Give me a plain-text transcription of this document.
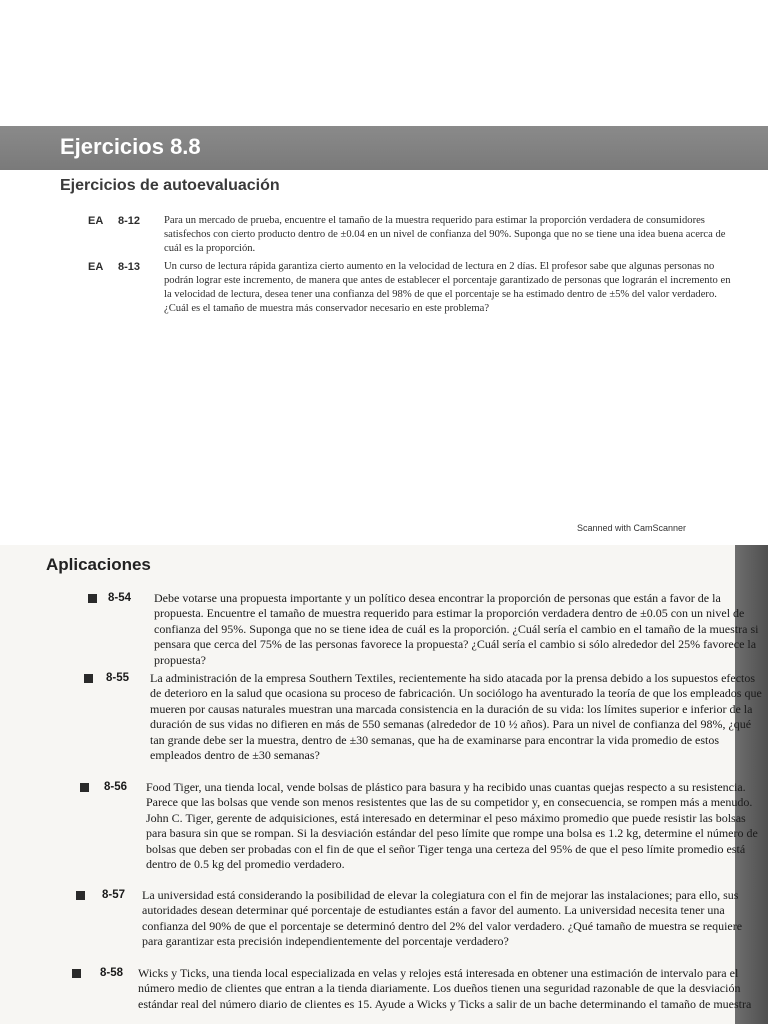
Ejercicios 8.8
Ejercicios de autoevaluación
EA 8-12 Para un mercado de prueba, encuentre el tamaño de la muestra requerido para estimar la proporción verdadera de consumidores satisfechos con cierto producto dentro de ±0.04 en un nivel de confianza del 90%. Suponga que no se tiene una idea buena acerca de cuál es la proporción.
EA 8-13 Un curso de lectura rápida garantiza cierto aumento en la velocidad de lectura en 2 días. El profesor sabe que algunas personas no podrán lograr este incremento, de manera que antes de establecer el porcentaje garantizado de personas que lograrán el incremento en la velocidad de lectura, desea tener una confianza del 98% de que el porcentaje se ha estimado dentro de ±5% del valor verdadero. ¿Cuál es el tamaño de muestra más conservador necesario en este problema?
Scanned with CamScanner
Aplicaciones
8-54 Debe votarse una propuesta importante y un político desea encontrar la proporción de personas que están a favor de la propuesta. Encuentre el tamaño de muestra requerido para estimar la proporción verdadera dentro de ±0.05 con un nivel de confianza del 95%. Suponga que no se tiene idea de cuál es la proporción. ¿Cuál sería el cambio en el tamaño de la muestra si pensara que cerca del 75% de las personas favorece la propuesta? ¿Cuál sería el cambio si sólo alrededor del 25% favorece la propuesta?
8-55 La administración de la empresa Southern Textiles, recientemente ha sido atacada por la prensa debido a los supuestos efectos de deterioro en la salud que ocasiona su proceso de fabricación. Un sociólogo ha aventurado la teoría de que los empleados que mueren por causas naturales muestran una marcada consistencia en la duración de su vida: los límites superior e inferior de la duración de sus vidas no difieren en más de 550 semanas (alrededor de 10 ½ años). Para un nivel de confianza del 98%, ¿qué tan grande debe ser la muestra, dentro de ±30 semanas, que ha de examinarse para encontrar la vida promedio de estos empleados dentro de ±30 semanas?
8-56 Food Tiger, una tienda local, vende bolsas de plástico para basura y ha recibido unas cuantas quejas respecto a su resistencia. Parece que las bolsas que vende son menos resistentes que las de su competidor y, en consecuencia, se rompen más a menudo. John C. Tiger, gerente de adquisiciones, está interesado en determinar el peso máximo promedio que puede resistir las bolsas para basura sin que se rompan. Si la desviación estándar del peso límite que rompe una bolsa es 1.2 kg, determine el número de bolsas que deben ser probadas con el fin de que el señor Tiger tenga una certeza del 95% de que el peso límite promedio está dentro de 0.5 kg del promedio verdadero.
8-57 La universidad está considerando la posibilidad de elevar la colegiatura con el fin de mejorar las instalaciones; para ello, sus autoridades desean determinar qué porcentaje de estudiantes están a favor del aumento. La universidad necesita tener una confianza del 90% de que el porcentaje se determinó dentro del 2% del valor verdadero. ¿Qué tamaño de muestra se requiere para garantizar esta precisión independientemente del porcentaje verdadero?
8-58 Wicks y Ticks, una tienda local especializada en velas y relojes está interesada en obtener una estimación de intervalo para el número medio de clientes que entran a la tienda diariamente. Los dueños tienen una seguridad razonable de que la desviación estándar real del número diario de clientes es 15. Ayude a Wicks y Ticks a salir de un bache determinando el tamaño de muestra
